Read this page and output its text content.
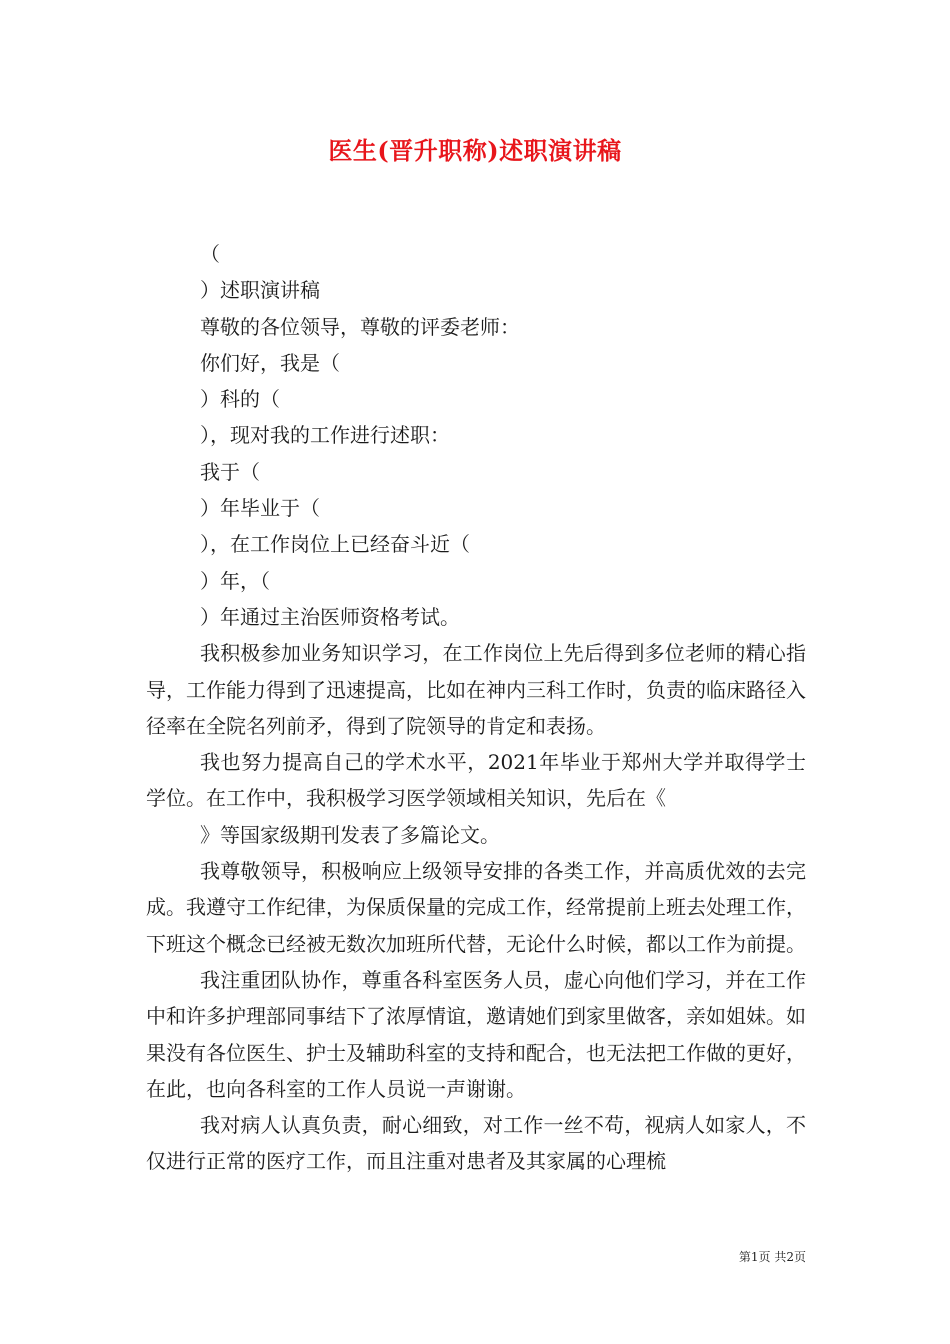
医生(晋升职称)述职演讲稿
（
）述职演讲稿
尊敬的各位领导，尊敬的评委老师：
你们好，我是（
）科的（
），现对我的工作进行述职：
我于（
）年毕业于（
），在工作岗位上已经奋斗近（
）年，（
）年通过主治医师资格考试。
我积极参加业务知识学习，在工作岗位上先后得到多位老师的精心指导，工作能力得到了迅速提高，比如在神内三科工作时，负责的临床路径入径率在全院名列前矛，得到了院领导的肯定和表扬。
我也努力提高自己的学术水平，2021年毕业于郑州大学并取得学士学位。在工作中，我积极学习医学领域相关知识，先后在《
》等国家级期刊发表了多篇论文。
我尊敬领导，积极响应上级领导安排的各类工作，并高质优效的去完成。我遵守工作纪律，为保质保量的完成工作，经常提前上班去处理工作，下班这个概念已经被无数次加班所代替，无论什么时候，都以工作为前提。
我注重团队协作，尊重各科室医务人员，虚心向他们学习，并在工作中和许多护理部同事结下了浓厚情谊，邀请她们到家里做客，亲如姐妹。如果没有各位医生、护士及辅助科室的支持和配合，也无法把工作做的更好，在此，也向各科室的工作人员说一声谢谢。
我对病人认真负责，耐心细致，对工作一丝不苟，视病人如家人，不仅进行正常的医疗工作，而且注重对患者及其家属的心理梳
第1页 共2页
